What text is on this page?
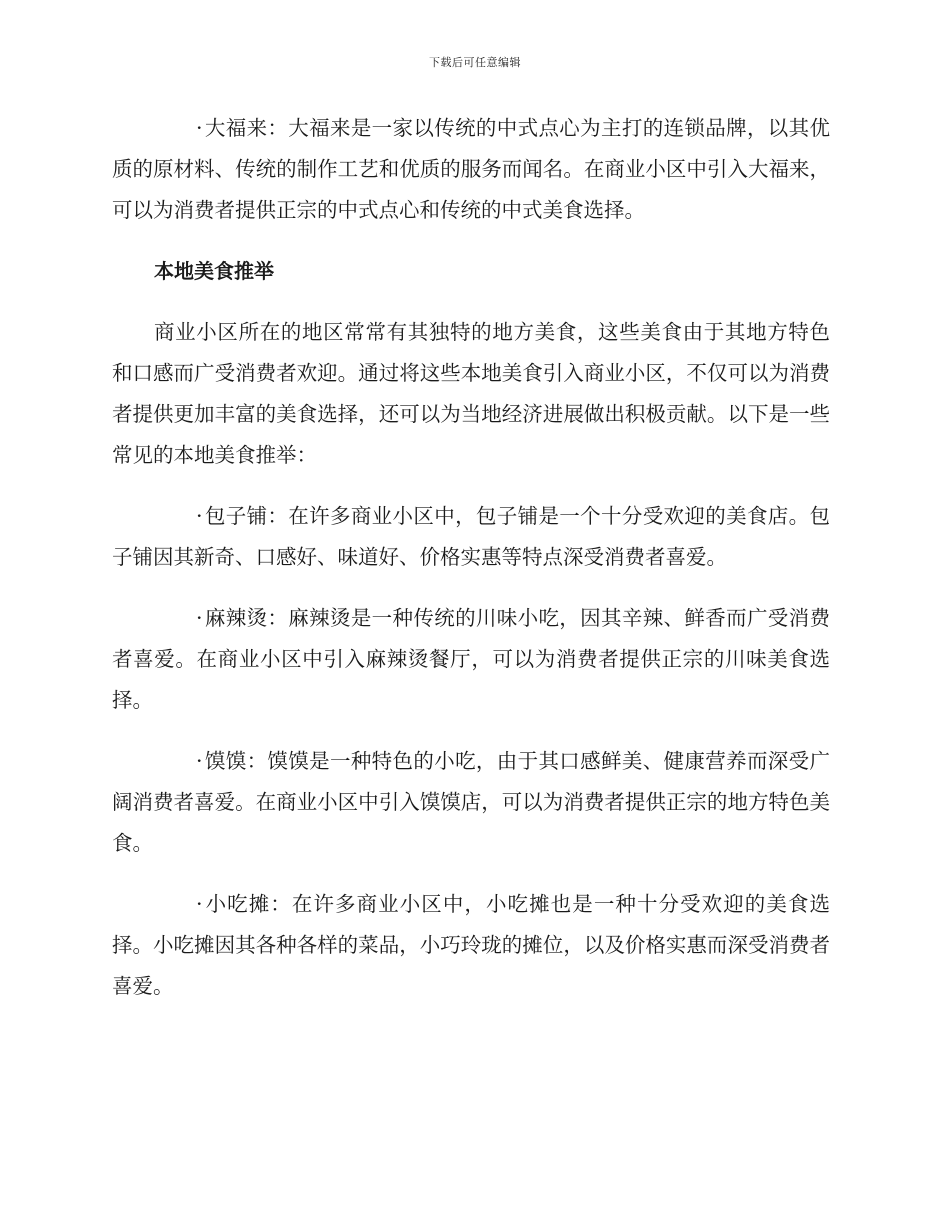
下载后可任意编辑

·大福来：大福来是一家以传统的中式点心为主打的连锁品牌，以其优质的原材料、传统的制作工艺和优质的服务而闻名。在商业小区中引入大福来，可以为消费者提供正宗的中式点心和传统的中式美食选择。

本地美食推举

商业小区所在的地区常常有其独特的地方美食，这些美食由于其地方特色和口感而广受消费者欢迎。通过将这些本地美食引入商业小区，不仅可以为消费者提供更加丰富的美食选择，还可以为当地经济进展做出积极贡献。以下是一些常见的本地美食推举：

·包子铺：在许多商业小区中，包子铺是一个十分受欢迎的美食店。包子铺因其新奇、口感好、味道好、价格实惠等特点深受消费者喜爱。

·麻辣烫：麻辣烫是一种传统的川味小吃，因其辛辣、鲜香而广受消费者喜爱。在商业小区中引入麻辣烫餐厅，可以为消费者提供正宗的川味美食选择。

·馍馍：馍馍是一种特色的小吃，由于其口感鲜美、健康营养而深受广阔消费者喜爱。在商业小区中引入馍馍店，可以为消费者提供正宗的地方特色美食。

·小吃摊：在许多商业小区中，小吃摊也是一种十分受欢迎的美食选择。小吃摊因其各种各样的菜品，小巧玲珑的摊位，以及价格实惠而深受消费者喜爱。
